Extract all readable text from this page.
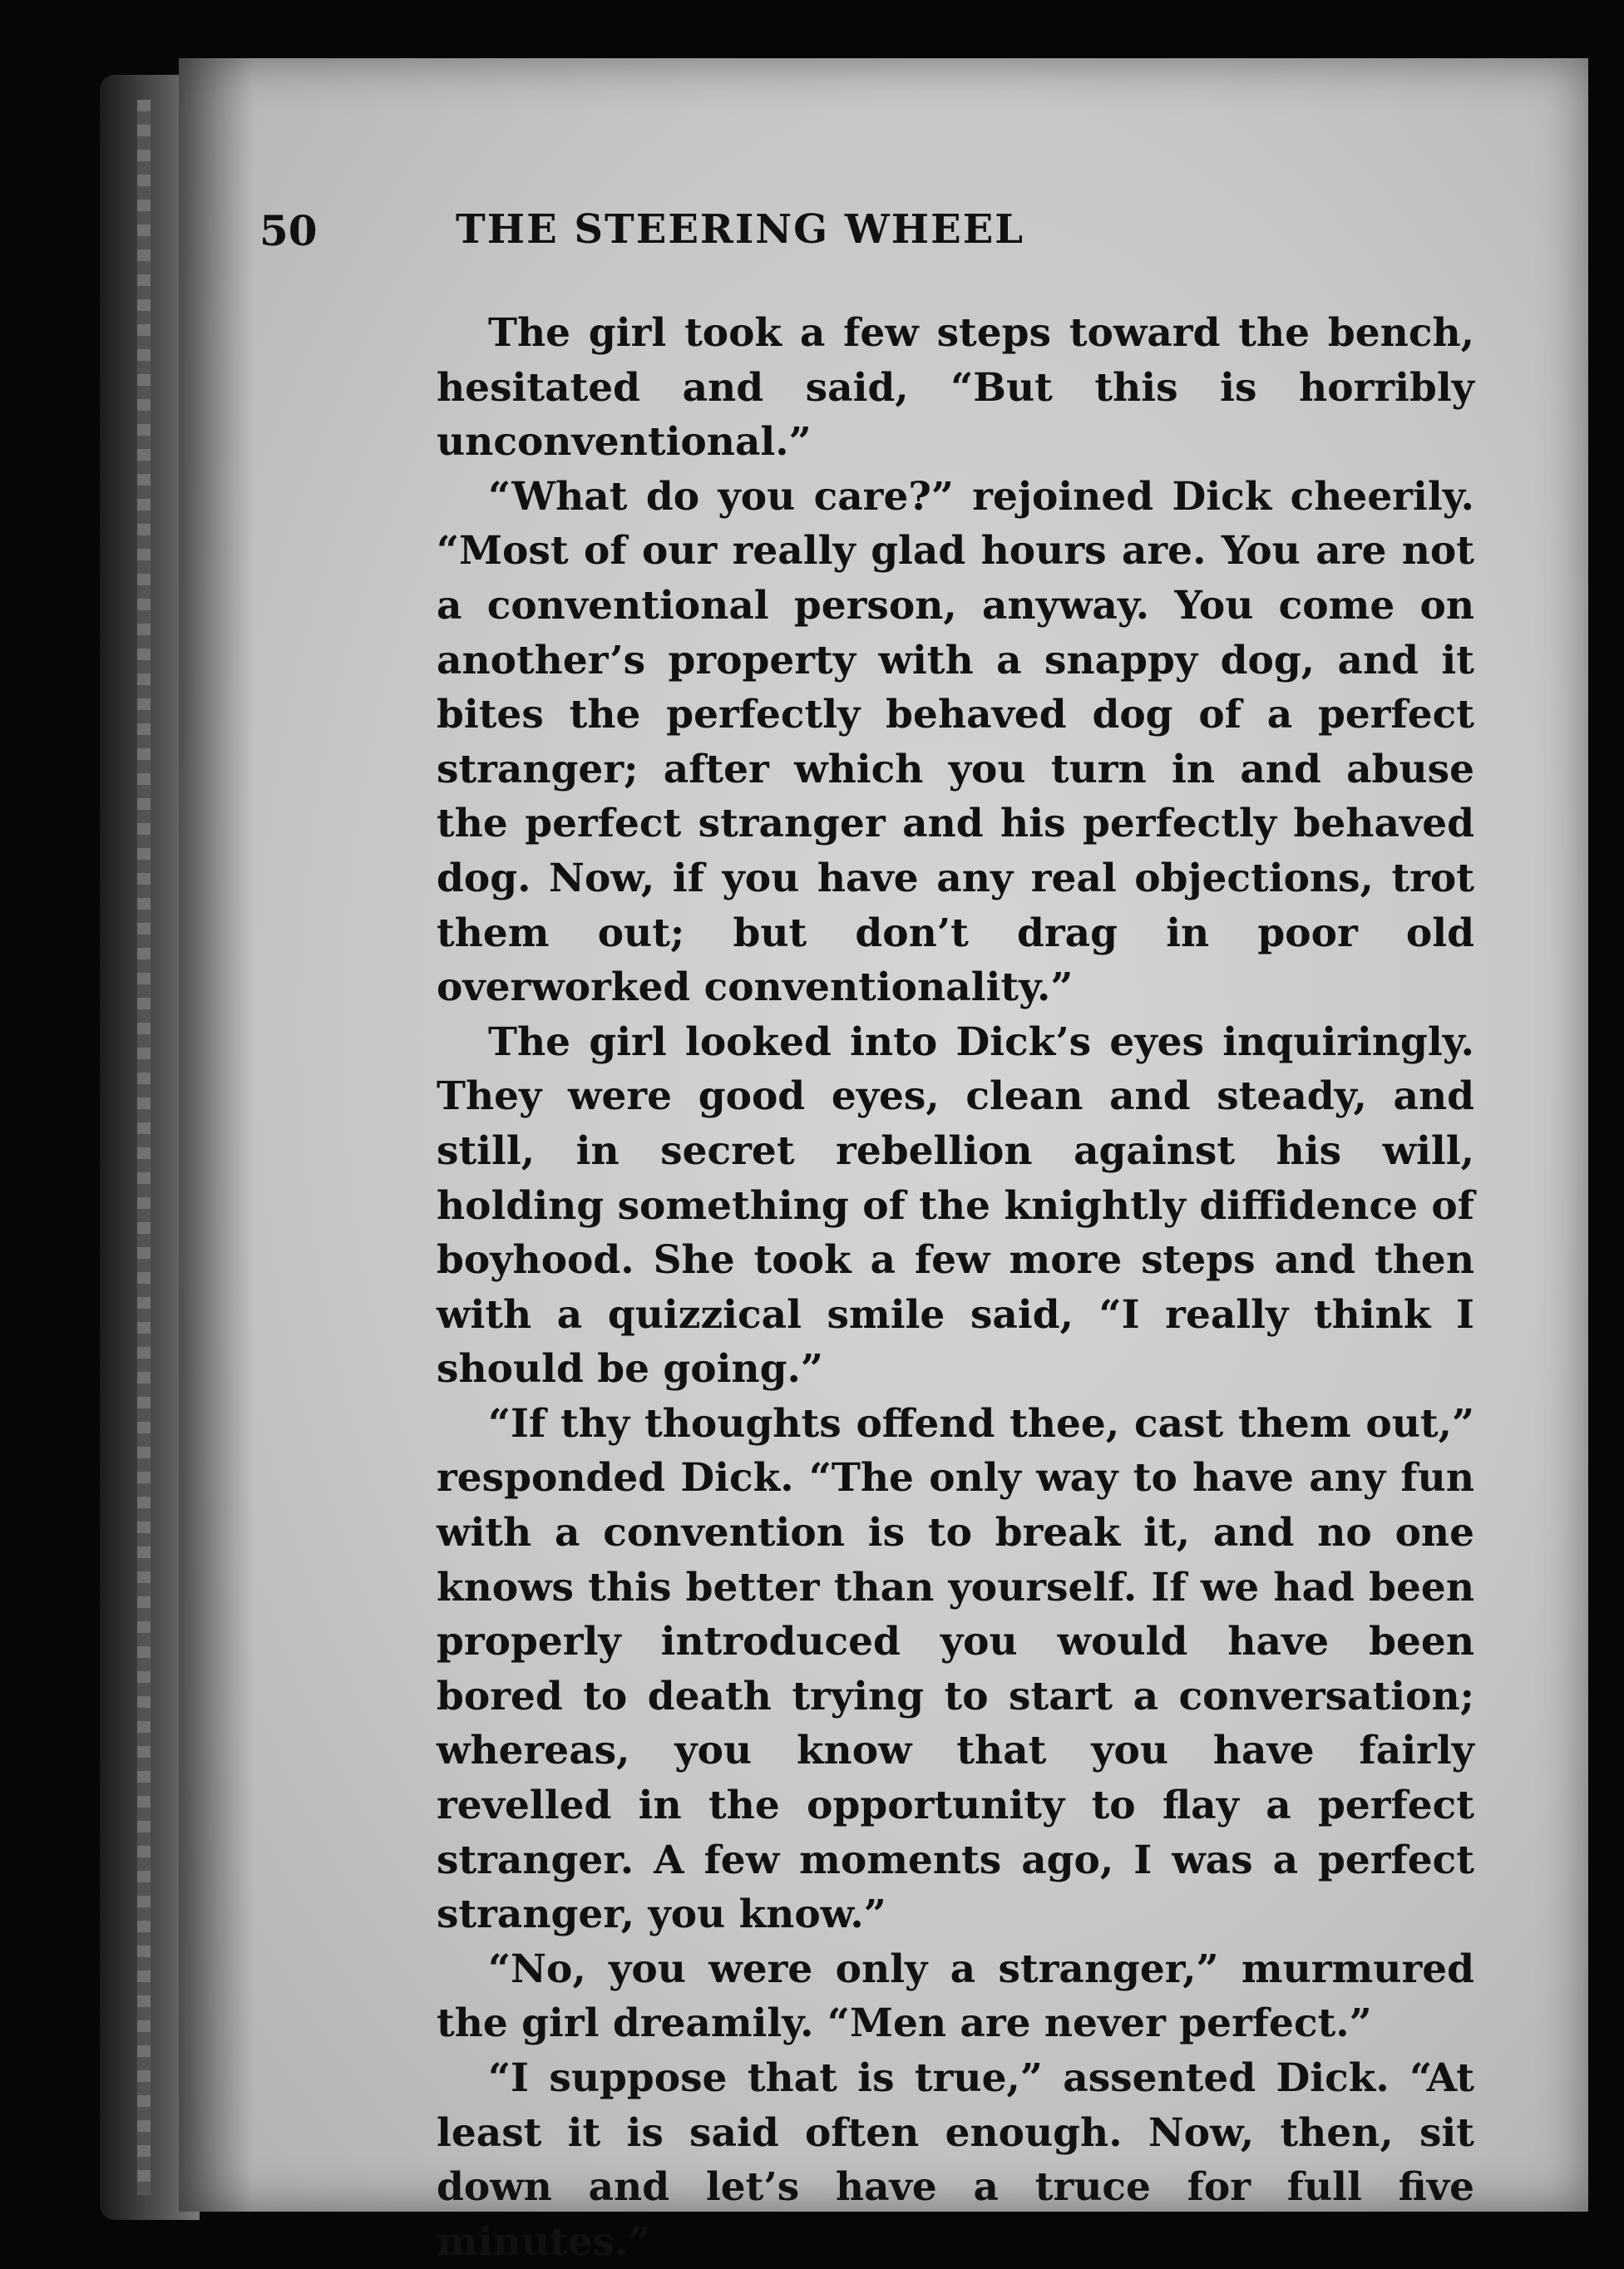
50	THE STEERING WHEEL

The girl took a few steps toward the bench, hesitated and said, “But this is horribly unconventional.”

“What do you care?” rejoined Dick cheerily. “Most of our really glad hours are. You are not a conventional person, anyway. You come on another’s property with a snappy dog, and it bites the perfectly behaved dog of a perfect stranger; after which you turn in and abuse the perfect stranger and his perfectly behaved dog. Now, if you have any real objections, trot them out; but don’t drag in poor old overworked conventionality.”

The girl looked into Dick’s eyes inquiringly. They were good eyes, clean and steady, and still, in secret rebellion against his will, holding something of the knightly diffidence of boyhood. She took a few more steps and then with a quizzical smile said, “I really think I should be going.”

“If thy thoughts offend thee, cast them out,” responded Dick. “The only way to have any fun with a convention is to break it, and no one knows this better than yourself. If we had been properly introduced you would have been bored to death trying to start a conversation; whereas, you know that you have fairly revelled in the opportunity to flay a perfect stranger. A few moments ago, I was a perfect stranger, you know.”

“No, you were only a stranger,” murmured the girl dreamily. “Men are never perfect.”

“I suppose that is true,” assented Dick. “At least it is said often enough. Now, then, sit down and let’s have a truce for full five minutes.”
